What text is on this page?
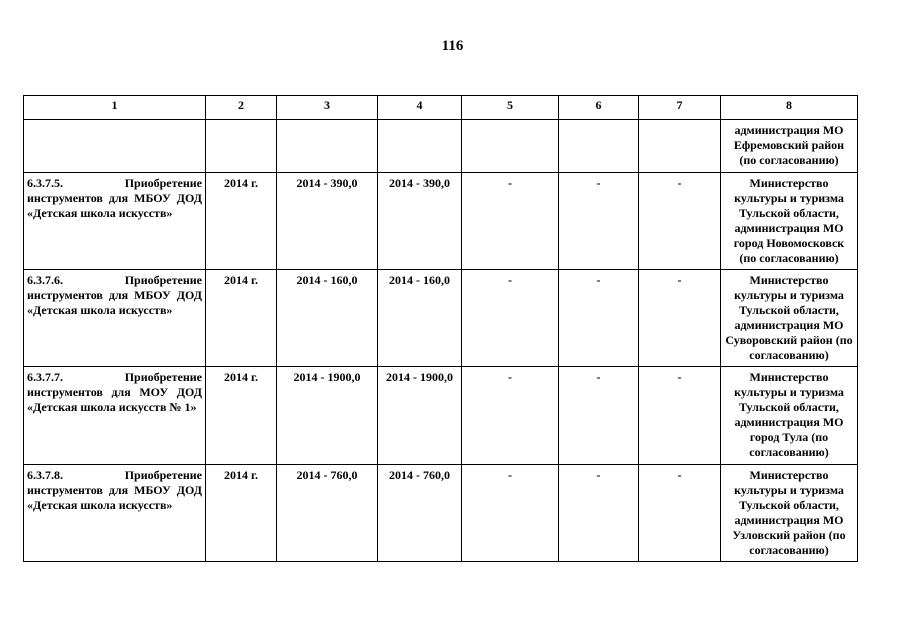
116
1	2	3	4	5	6	7	8
							администрация МО Ефремовский район (по согласованию)
6.3.7.5. Приобретение инструментов для МБОУ ДОД «Детская школа искусств»	2014 г.	2014 - 390,0	2014 - 390,0	-	-	-	Министерство культуры и туризма Тульской области, администрация МО город Новомосковск (по согласованию)
6.3.7.6. Приобретение инструментов для МБОУ ДОД «Детская школа искусств»	2014 г.	2014 - 160,0	2014 - 160,0	-	-	-	Министерство культуры и туризма Тульской области, администрация МО Суворовский район (по согласованию)
6.3.7.7. Приобретение инструментов для МОУ ДОД «Детская школа искусств № 1»	2014 г.	2014 - 1900,0	2014 - 1900,0	-	-	-	Министерство культуры и туризма Тульской области, администрация МО город Тула (по согласованию)
6.3.7.8. Приобретение инструментов для МБОУ ДОД «Детская школа искусств»	2014 г.	2014 - 760,0	2014 - 760,0	-	-	-	Министерство культуры и туризма Тульской области, администрация МО Узловский район (по согласованию)
